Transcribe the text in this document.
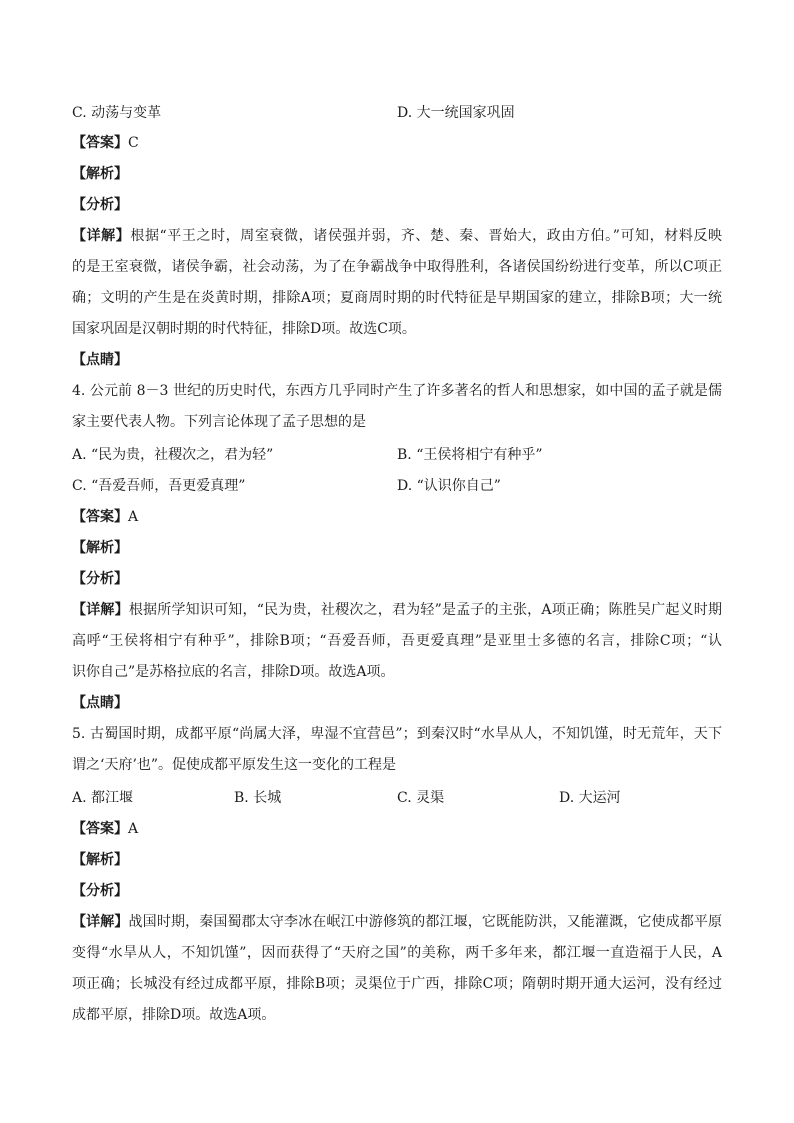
C. 动荡与变革	D. 大一统国家巩固
【答案】C
【解析】
【分析】

【详解】根据“平王之时，周室衰微，诸侯强并弱，齐、楚、秦、晋始大，政由方伯。”可知，材料反映

的是王室衰微，诸侯争霸，社会动荡，为了在争霸战争中取得胜利，各诸侯国纷纷进行变革，所以C项正

确；文明的产生是在炎黄时期，排除A项；夏商周时期的时代特征是早期国家的建立，排除B项；大一统

国家巩固是汉朝时期的时代特征，排除D项。故选C项。

【点睛】

4. 公元前 8－3 世纪的历史时代，东西方几乎同时产生了许多著名的哲人和思想家，如中国的孟子就是儒

家主要代表人物。下列言论体现了孟子思想的是

A. “民为贵，社稷次之，君为轻”	B. “王侯将相宁有种乎”
C. “吾爱吾师，吾更爱真理”	D. “认识你自己”
【答案】A
【解析】
【分析】

【详解】根据所学知识可知，“民为贵，社稷次之，君为轻”是孟子的主张，A项正确；陈胜吴广起义时期

高呼“王侯将相宁有种乎”，排除B项；“吾爱吾师，吾更爱真理”是亚里士多德的名言，排除C项；“认

识你自己”是苏格拉底的名言，排除D项。故选A项。

【点睛】

5. 古蜀国时期，成都平原“尚属大泽，卑湿不宜营邑”；到秦汉时“水旱从人，不知饥馑，时无荒年，天下

谓之‘天府’也”。促使成都平原发生这一变化的工程是

A. 都江堰	B. 长城	C. 灵渠	D. 大运河
【答案】A
【解析】
【分析】

【详解】战国时期，秦国蜀郡太守李冰在岷江中游修筑的都江堰，它既能防洪，又能灌溉，它使成都平原

变得“水旱从人，不知饥馑”，因而获得了“天府之国”的美称，两千多年来，都江堰一直造福于人民，A

项正确；长城没有经过成都平原，排除B项；灵渠位于广西，排除C项；隋朝时期开通大运河，没有经过

成都平原，排除D项。故选A项。
